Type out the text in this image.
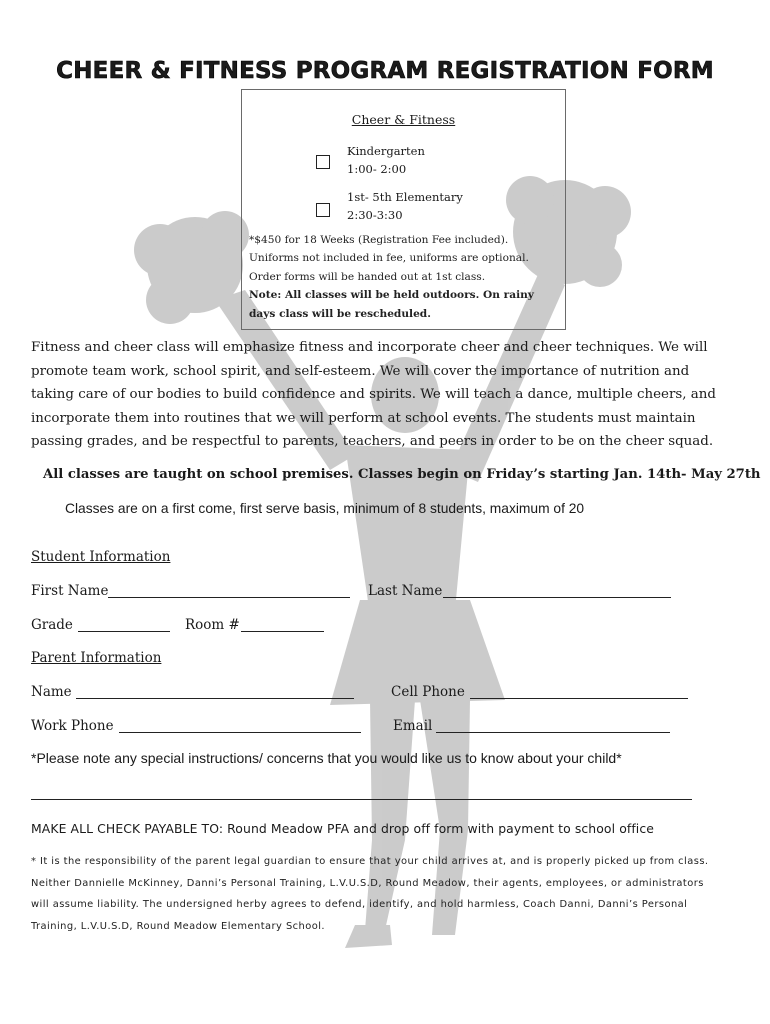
CHEER & FITNESS PROGRAM REGISTRATION FORM
Cheer & Fitness
Kindergarten
1:00- 2:00
1st- 5th Elementary
2:30-3:30
*$450 for 18 Weeks (Registration Fee included).
Uniforms not included in fee, uniforms are optional.
Order forms will be handed out at 1st class.
Note: All classes will be held outdoors. On rainy
days class will be rescheduled.
Fitness and cheer class will emphasize fitness and incorporate cheer and cheer techniques. We will
promote team work, school spirit, and self-esteem. We will cover the importance of nutrition and
taking care of our bodies to build confidence and spirits. We will teach a dance, multiple cheers, and
incorporate them into routines that we will perform at school events. The students must maintain
passing grades, and be respectful to parents, teachers, and peers in order to be on the cheer squad.
All classes are taught on school premises. Classes begin on Friday’s starting Jan. 14th- May 27th
Classes are on a first come, first serve basis, minimum of 8 students, maximum of 20
Student Information
First Name	Last Name
Grade	Room #
Parent Information
Name	Cell Phone
Work Phone	Email
*Please note any special instructions/ concerns that you would like us to know about your child*
MAKE ALL CHECK PAYABLE TO: Round Meadow PFA and drop off form with payment to school office
* It is the responsibility of the parent legal guardian to ensure that your child arrives at, and is properly picked up from class.
Neither Dannielle McKinney, Danni’s Personal Training, L.V.U.S.D, Round Meadow, their agents, employees, or administrators
will assume liability. The undersigned herby agrees to defend, identify, and hold harmless, Coach Danni, Danni’s Personal
Training, L.V.U.S.D, Round Meadow Elementary School.
